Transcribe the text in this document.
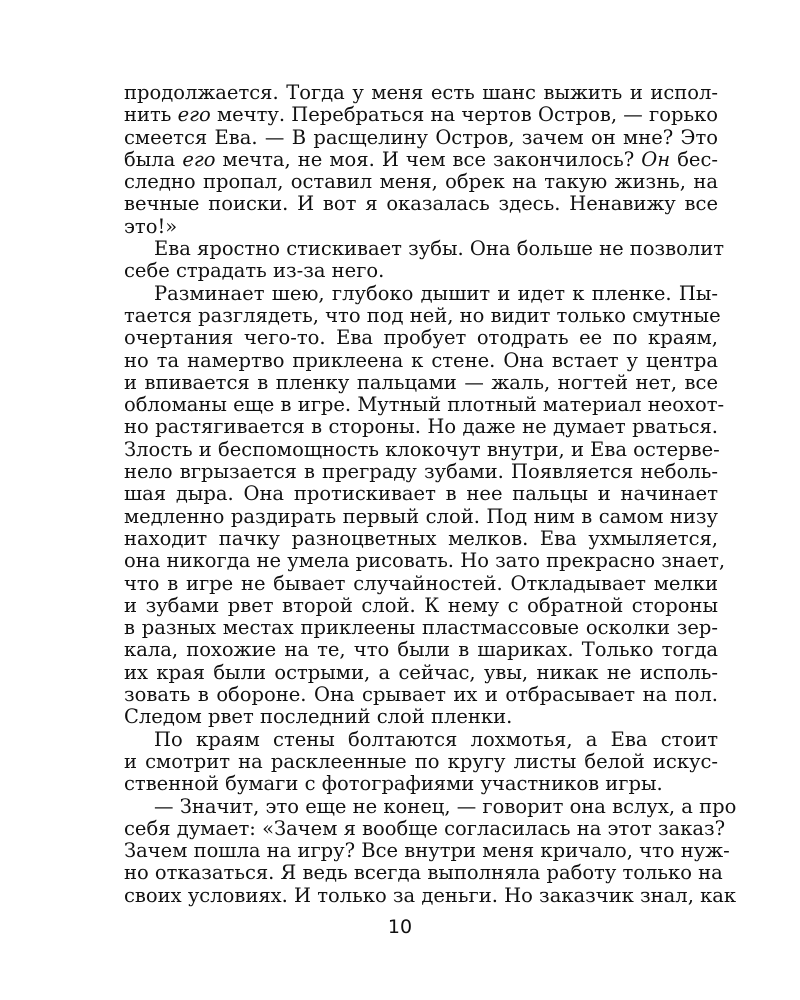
продолжается. Тогда у меня есть шанс выжить и испол-
нить его мечту. Перебраться на чертов Остров, — горько
смеется Ева. — В расщелину Остров, зачем он мне? Это
была его мечта, не моя. И чем все закончилось? Он бес-
следно пропал, оставил меня, обрек на такую жизнь, на
вечные поиски. И вот я оказалась здесь. Ненавижу все
это!»
Ева яростно стискивает зубы. Она больше не позволит
себе страдать из-за него.
Разминает шею, глубоко дышит и идет к пленке. Пы-
тается разглядеть, что под ней, но видит только смутные
очертания чего-то. Ева пробует отодрать ее по краям,
но та намертво приклеена к стене. Она встает у центра
и впивается в пленку пальцами — жаль, ногтей нет, все
обломаны еще в игре. Мутный плотный материал неохот-
но растягивается в стороны. Но даже не думает рваться.
Злость и беспомощность клокочут внутри, и Ева остерве-
нело вгрызается в преграду зубами. Появляется неболь-
шая дыра. Она протискивает в нее пальцы и начинает
медленно раздирать первый слой. Под ним в самом низу
находит пачку разноцветных мелков. Ева ухмыляется,
она никогда не умела рисовать. Но зато прекрасно знает,
что в игре не бывает случайностей. Откладывает мелки
и зубами рвет второй слой. К нему с обратной стороны
в разных местах приклеены пластмассовые осколки зер-
кала, похожие на те, что были в шариках. Только тогда
их края были острыми, а сейчас, увы, никак не исполь-
зовать в обороне. Она срывает их и отбрасывает на пол.
Следом рвет последний слой пленки.
По краям стены болтаются лохмотья, а Ева стоит
и смотрит на расклеенные по кругу листы белой искус-
ственной бумаги с фотографиями участников игры.
— Значит, это еще не конец, — говорит она вслух, а про
себя думает: «Зачем я вообще согласилась на этот заказ?
Зачем пошла на игру? Все внутри меня кричало, что нуж-
но отказаться. Я ведь всегда выполняла работу только на
своих условиях. И только за деньги. Но заказчик знал, как
10
